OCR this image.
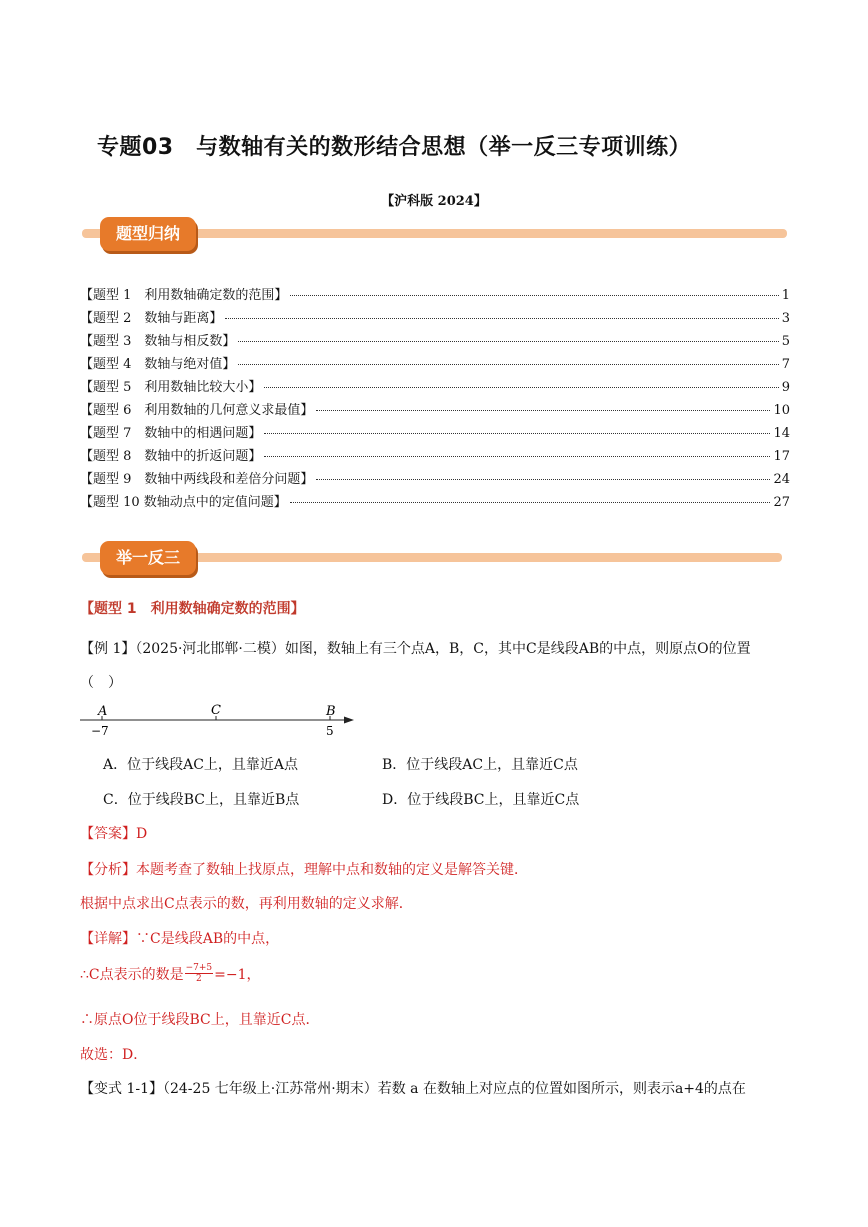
专题03　与数轴有关的数形结合思想（举一反三专项训练）
【沪科版 2024】
题型归纳
【题型 1　利用数轴确定数的范围】	1
【题型 2　数轴与距离】	3
【题型 3　数轴与相反数】	5
【题型 4　数轴与绝对值】	7
【题型 5　利用数轴比较大小】	9
【题型 6　利用数轴的几何意义求最值】	10
【题型 7　数轴中的相遇问题】	14
【题型 8　数轴中的折返问题】	17
【题型 9　数轴中两线段和差倍分问题】	24
【题型 10 数轴动点中的定值问题】	27
举一反三
【题型 1　利用数轴确定数的范围】
【例 1】（2025·河北邯郸·二模）如图，数轴上有三个点A，B，C，其中C是线段AB的中点，则原点O的位置
（　）
A	C	B
−7	5
A．位于线段AC上，且靠近A点	B．位于线段AC上，且靠近C点
C．位于线段BC上，且靠近B点	D．位于线段BC上，且靠近C点
【答案】D
【分析】本题考查了数轴上找原点，理解中点和数轴的定义是解答关键．
根据中点求出C点表示的数，再利用数轴的定义求解．
【详解】∵C是线段AB的中点，
∴C点表示的数是 $\frac{-7+5}{2} =-1$，
∴原点O位于线段BC上，且靠近C点．
故选：D．
【变式 1-1】（24-25 七年级上·江苏常州·期末）若数 a 在数轴上对应点的位置如图所示，则表示a+4的点在
